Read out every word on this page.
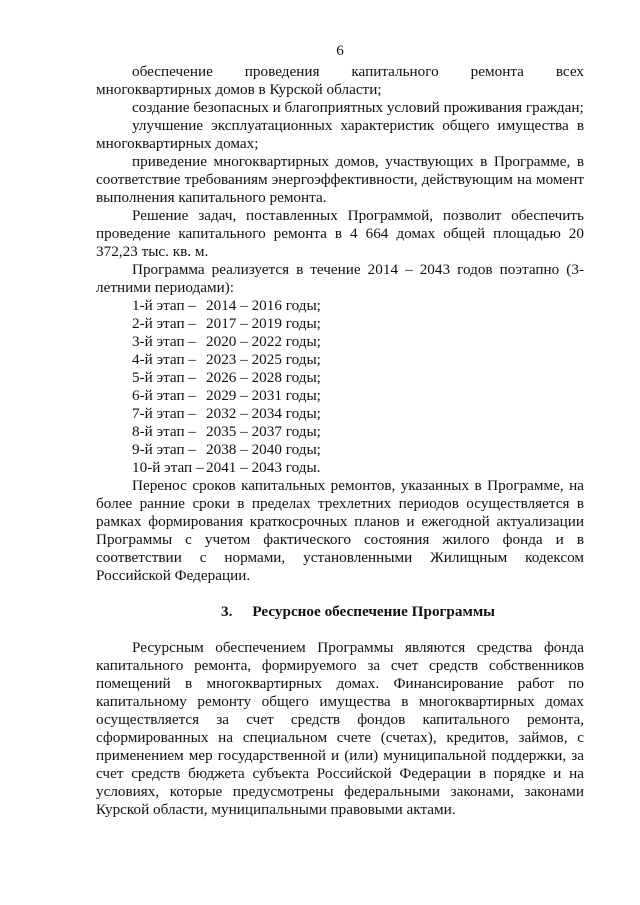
6

обеспечение проведения капитального ремонта всех многоквартирных домов в Курской области;

создание безопасных и благоприятных условий проживания граждан;

улучшение эксплуатационных характеристик общего имущества в многоквартирных домах;

приведение многоквартирных домов, участвующих в Программе, в соответствие требованиям энергоэффективности, действующим на момент выполнения капитального ремонта.

Решение задач, поставленных Программой, позволит обеспечить проведение капитального ремонта в 4 664 домах общей площадью 20 372,23 тыс. кв. м.

Программа реализуется в течение 2014 – 2043 годов поэтапно (3-летними периодами):

1-й этап – 2014 – 2016 годы;
2-й этап – 2017 – 2019 годы;
3-й этап – 2020 – 2022 годы;
4-й этап – 2023 – 2025 годы;
5-й этап – 2026 – 2028 годы;
6-й этап – 2029 – 2031 годы;
7-й этап – 2032 – 2034 годы;
8-й этап – 2035 – 2037 годы;
9-й этап – 2038 – 2040 годы;
10-й этап – 2041 – 2043 годы.

Перенос сроков капитальных ремонтов, указанных в Программе, на более ранние сроки в пределах трехлетних периодов осуществляется в рамках формирования краткосрочных планов и ежегодной актуализации Программы с учетом фактического состояния жилого фонда и в соответствии с нормами, установленными Жилищным кодексом Российской Федерации.

3. Ресурсное обеспечение Программы

Ресурсным обеспечением Программы являются средства фонда капитального ремонта, формируемого за счет средств собственников помещений в многоквартирных домах. Финансирование работ по капитальному ремонту общего имущества в многоквартирных домах осуществляется за счет средств фондов капитального ремонта, сформированных на специальном счете (счетах), кредитов, займов, с применением мер государственной и (или) муниципальной поддержки, за счет средств бюджета субъекта Российской Федерации в порядке и на условиях, которые предусмотрены федеральными законами, законами Курской области, муниципальными правовыми актами.
